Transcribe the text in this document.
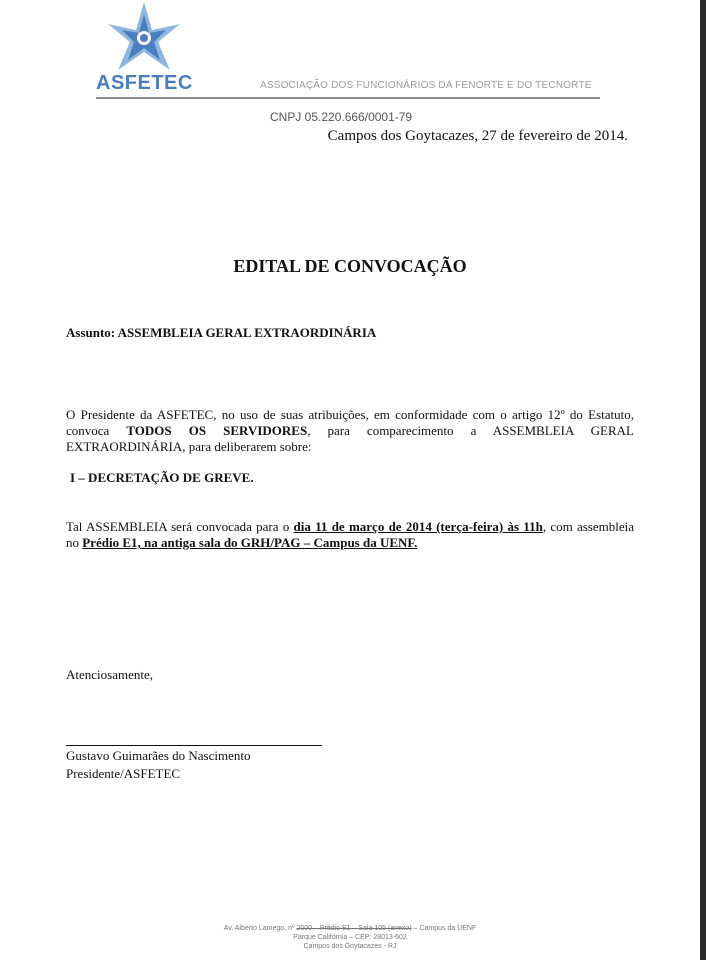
ASFETEC	ASSOCIAÇÃO DOS FUNCIONÁRIOS DA FENORTE E DO TECNORTE
CNPJ 05.220.666/0001-79
Campos dos Goytacazes, 27 de fevereiro de 2014.
EDITAL DE CONVOCAÇÃO
Assunto: ASSEMBLEIA GERAL EXTRAORDINÁRIA
O Presidente da ASFETEC, no uso de suas atribuições, em conformidade com o artigo 12º do Estatuto, convoca TODOS OS SERVIDORES, para comparecimento a ASSEMBLEIA GERAL EXTRAORDINÁRIA, para deliberarem sobre:
I – DECRETAÇÃO DE GREVE.
Tal ASSEMBLEIA será convocada para o dia 11 de março de 2014 (terça-feira) às 11h, com assembleia no Prédio E1, na antiga sala do GRH/PAG – Campus da UENF.
Atenciosamente,
Gustavo Guimarães do Nascimento
Presidente/ASFETEC
Av. Alberto Lamego, nº 2000 – Prédio E1 – Sala 105 (anexo) – Campus da UENF
Parque Califórnia – CEP: 28013-602
Campos dos Goytacazes - RJ
